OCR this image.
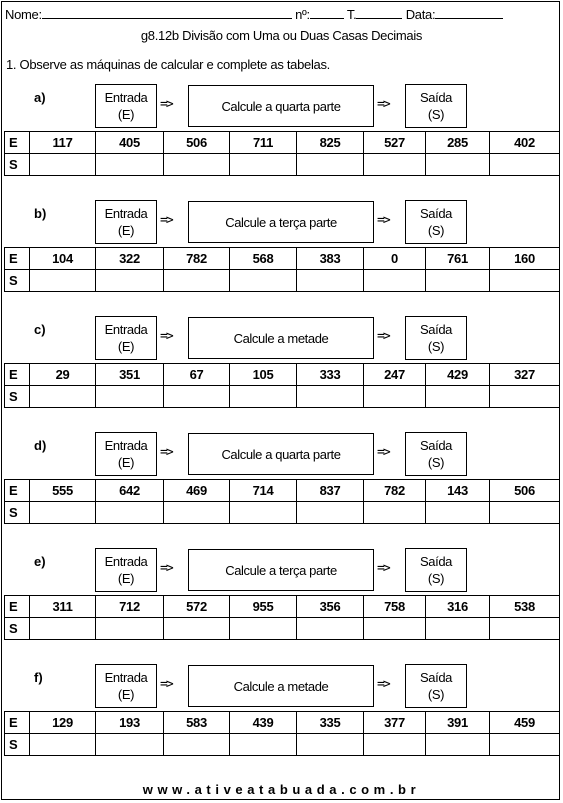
Nome:	nº:	T.	Data:
g8.12b Divisão com Uma ou Duas Casas Decimais
1. Observe as máquinas de calcular e complete as tabelas.
a)	Entrada
(E)
=>	Calcule a quarta parte	=> Saída
(S)
E	117	405	506	711	825	527	285	402
S								
b)	Entrada
(E)
=>	Calcule a terça parte	=> Saída
(S)
E	104	322	782	568	383	0	761	160
S								
c)	Entrada
(E)
=>	Calcule a metade	=> Saída
(S)
E	29	351	67	105	333	247	429	327
S								
d)	Entrada
(E)
=>	Calcule a quarta parte	=> Saída
(S)
E	555	642	469	714	837	782	143	506
S								
e)	Entrada
(E)
=>	Calcule a terça parte	=> Saída
(S)
E	311	712	572	955	356	758	316	538
S								
f)	Entrada
(E)
=>	Calcule a metade	=> Saída
(S)
E	129	193	583	439	335	377	391	459
S								
www.ativeatabuada.com.br
